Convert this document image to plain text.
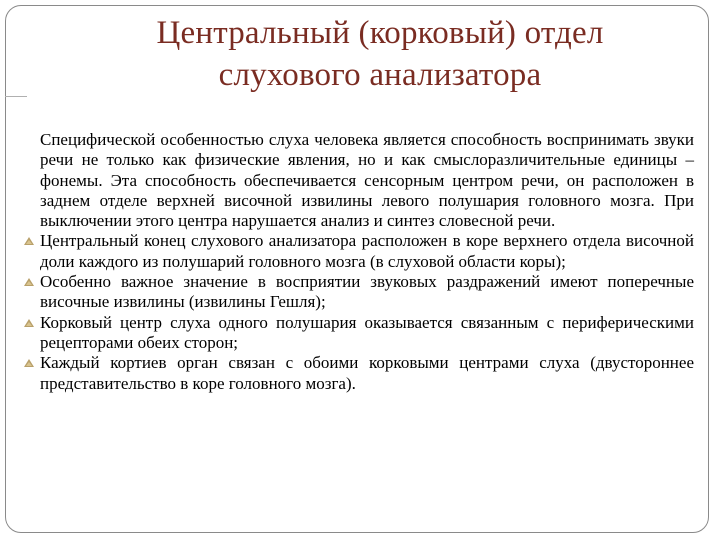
Центральный (корковый) отдел
слухового анализатора

Специфической особенностью слуха человека является способность воспринимать звуки речи не только как физические явления, но и как смыслоразличительные единицы – фонемы. Эта способность обеспечивается сенсорным центром речи, он расположен в заднем отделе верхней височной извилины левого полушария головного мозга. При выключении этого центра нарушается анализ и синтез словесной речи.

Центральный конец слухового анализатора расположен в коре верхнего отдела височной доли каждого из полушарий головного мозга (в слуховой области коры);
Особенно важное значение в восприятии звуковых раздражений имеют поперечные височные извилины (извилины Гешля);
Корковый центр слуха одного полушария оказывается связанным с периферическими рецепторами обеих сторон;
Каждый кортиев орган связан с обоими корковыми центрами слуха (двустороннее представительство в коре головного мозга).
